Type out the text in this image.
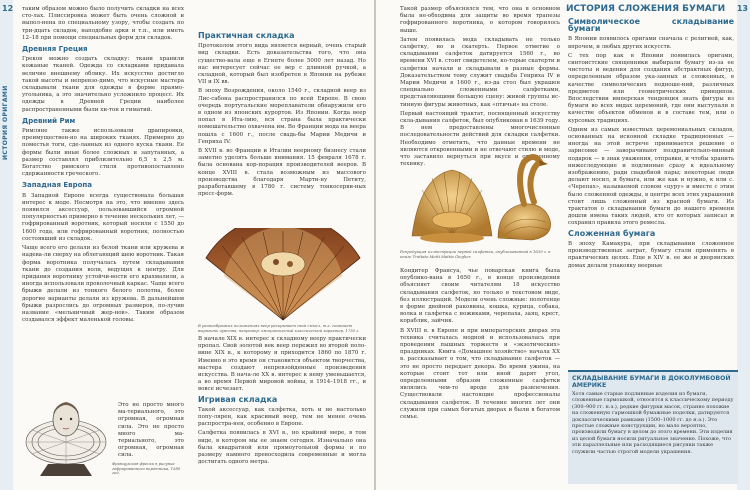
12
ИСТОРИЯ ОРИГАМИ

таким образом можно было получить складки на всех сто-лах. Плиссировка может быть очень сложной и выпол-нена по специальному узору, чтобы создать по три-дцать складок, наподобие арки и т.п., или иметь 12–18 при помощи специальных форм для складок.

Древняя Греция

Греков можно создать складку: ткани хранили кожаные тканей. Одежда со складками придавала величие внешнему облику. Их искусство достигло такой высоты и непревзо-димо, что искусные мастера складывали ткани для одежды в форме праямо-угольника, а это значительно усложнило процесс. Их одежды в Древней Греции наиболее распространенными были хи-тон и гиматий.

Древний Рим

Римляне также использовали драпировки, преимуществен-но на широких тканях. Примерно до поместья тоги, сде-ланных из одного куска ткани. Ее формы были иные более сложных и запутанных, а размер составлял приблизительно 6,5 х 2,5 м. Богатство римского стиля противопоставлено сдержанности греческого.

Западная Европа

В Западной Европе всегда существовала большая интерес к моде. Несмотря на это, что именно здесь появился аксессуар, пользовавшийся огромной популярностью примерно в течение нескольких лет, — гофрированный воротник, который носили с 1550 до 1600 года, или гофрированный воротник, полностью состоявший из складок.

Чаще всего его делали из белой ткани или кружева и надева-ли сверху на облегающий шею воротник. Такая форма воротника получалась путем складывания ткани до создания волн, ведущих к центру. Для придания воротнику устойчи-вости его крахмалили, а иногда использовали проволочный каркас. Чаще всего брыжи делали из тонкого белого полотна, более дорогие варианты делали из кружева. В дальнейшем брыжи разрослись до огромных размеров, по-лучив название «мельничный жер-нов». Таким образом создавался эффект маленькой головы.

Это не просто много ма-териального, это огромная, огромная сила. Это не просто много ма-териального, это огромная, огромная сила.
Французская фреска в рисунке гофрированного воротника, 1580 год.
Практичная складка

Протоколом этого вида является верный, очень старый вид складки. Есть доказательства того, что она существо-вала еще в Египте более 5000 лет назад. Но нас интересует сейчас ее вер с длинной ручкой, а складной, который был изобретен в Японии на рубеже VII и IX вв.

В эпоху Возрождения, около 1540 г., складной веер из Лис-сабона распространился по всей Европе. В свою очередь португальские мореплаватели обнаружили его в одном из японских курортов. Из Японии. Когда веер попал в Ита-лию, вся страна была практически помешательство охвачена им. Во Франции мода на веера пошла с 1600 г., после свадь-бы Марии Медичи и Генриха IV.

В XVII в. во Франции и Италии веерному бизнесу стали заметно уделять больше внимания. 15 февраля 1678 г. была основана кор-порация производителей вееров. В конце XVIII в. стала возможным из массового производства благодаря Марти-ну Петиту, разработавшему в 1780 г. систему тонкосерви-ных пресс-форм.

В разнообразных положениях веер раскрывает свой смысл, т.е. помогает выразить чувства, например: эмоциональный классический характер, 1730 г.

В начале XIX в. интерес к складному вееру практически пропал. Свой золотой век веер пережил во второй поло-вине XIX в., к которому и приходится 1860 по 1870 г. Именно в это время он становится объектом творчества, мастера создают непревзойденные произведения искусства. В нача-ле XX в. интерес к нему уменьшается, а во время Первой мировой войны, в 1914–1918 гг., и вовсе исчезает.

Игривая складка

Такой аксессуар, как салфетка, хоть и не настолько попу-лярен, как красивый веер, тем не менее очень распростра-нен, особенно в Европе.

Салфетка появилась в XVI в., но крайний мере, в том виде, в котором мы ее знаем сегодня. Изначально она была квадратной или прямоугольной формы и по размеру намного превосходила современные и могла достигать одного метра.

13
ИСТОРИЯ СЛОЖЕНИЯ БУМАГИ

Такой размер объяснялся тем, что она в основном была не-обходима для защиты во время трапезы гофрированного воротника, о котором говорилось выше.

Затем появилась мода складывать не только салфетку, но и скатерть. Первое отметие о складывании салфеток датируется 1560 г., во времени XVI в. стоит свидетелем, ко-торые скатерти и салфетки начали и складывали в разные формы. Доказательством тому служит свадьба Генриха IV и Марии Медичи в 1600 г., из-да стол был украшен специально сложенными салфетками, представляющими большую сцену: живой группы ис-тинную фигуры животных, как «птичьи» на столе.

Первый настоящий трактат, посвященный искусству скла-дывания салфеток, был опубликован в 1639 году. В нем предоставлены многочисленные последовательности действий для складки салфетки. Необходимо отметить, что данные времени не являются откровенными и не отвечают стилю и моде, что заставило вернуться при вкусе и отточенному технику.

Репродукция иллюстрации первой салфетки, опубликованной в 1639 г. в книге Trattato Metti Mattia Giegher.

Кондитер Франсуа, чье поварская книга была опублико-вана в 1650 г., в конце произведения объясняет своим читателям 18 искусство складывания салфеток, но только в текстовом виде, без иллюстраций. Модели очень сложные: полотенце в форме двойной раковины, кошка, курица, собака, волка и салфетка с ножиками, черепаха, заяц, крест, кораблик, зайчик.

В XVIII в. в Европе и при императорских дворах эта техника считалась модной и использовалась при проведении пышных торжеств и «экзотических» праздниках. Книга «Домашнее хозяйство» начала XX в. рассказывает о том, что складывание салфеток — это не просто передает декора. Во время ужина, на которые стоит тот или иной дарят угол, определенными образом сложенные салфетки являлись чем-то вроде для развлечения. Существовали настоящие профессионалы складывания салфеток. В течение многих лет они служили при самых богатых дворах и были в богатом семье.

Символическое складывание бумаги

В Японии появилось оригами сначала с религией, как, впрочем, и любых других искусств.

С тех пор как в Японии появилась оригами, синтоистские священники выбирали бумагу из-за ее чистоты и ведения для создания абстрактных фигур, определенным образом ука-занных и сложенных, в качестве символических подноше-ний, различных предметов или геометрических принципов. Впоследствии имперская тенденция знать фигуры из бумаги во всех видах церемоний, где они выступали в качестве объектов обменов и в составе тем, или о курсовых традициях.

Одним из самых известных церемониальных складов, основанных на исконной складке традиционных — иногда на этой встрече принимается решение о зарисовке — заворачивают поздравительно-винный подарок — в знак уважения, отправки, и чтобы хранить нижеследующие и подлинные сразу к идеальному изображению, ради свадебной пары; некоторые люди делают носил, и бумага, или же как и нужно, к или с. «Черепах», называемой словом «цуру» и вместе с этим было сложенной одежды, в центре всех этих украшений стоит лишь сложенный из красной бумаги. Из трактатов о складывании бумаги до нашего времени дошли имена таких людей, кто от которых записал и сохранил правила этого ремесла.

Сложенная бумага

В эпоху Камакура, при складывании сложенное производственных затрат, бумагу стали применять в практических целях. Еще в XIV в. ее же и дворянских домах делали упаковку веерные

СКЛАДЫВАНИЕ БУМАГИ В ДОКОЛУМБОВОЙ АМЕРИКЕ

Хотя самые старые подлинные изделия из бумаги, сложенные гармошкой, относятся к классическому периоду (300–900 гг. н.э.), редкие фигурки масок, странно похожие на сложенную гармошкой бумажные поделки, датируются доклассическими рамками (1500–1000 гг. до н.э.). Это простые сложные конструкции, но мало вероятно, производили бумагу в целом до этого времени. Эти изделия из целой бумаги носили ритуальное значение. Похоже, что эти параллельные или расходящиеся рисунки также служили частью строгой модели украшения.
